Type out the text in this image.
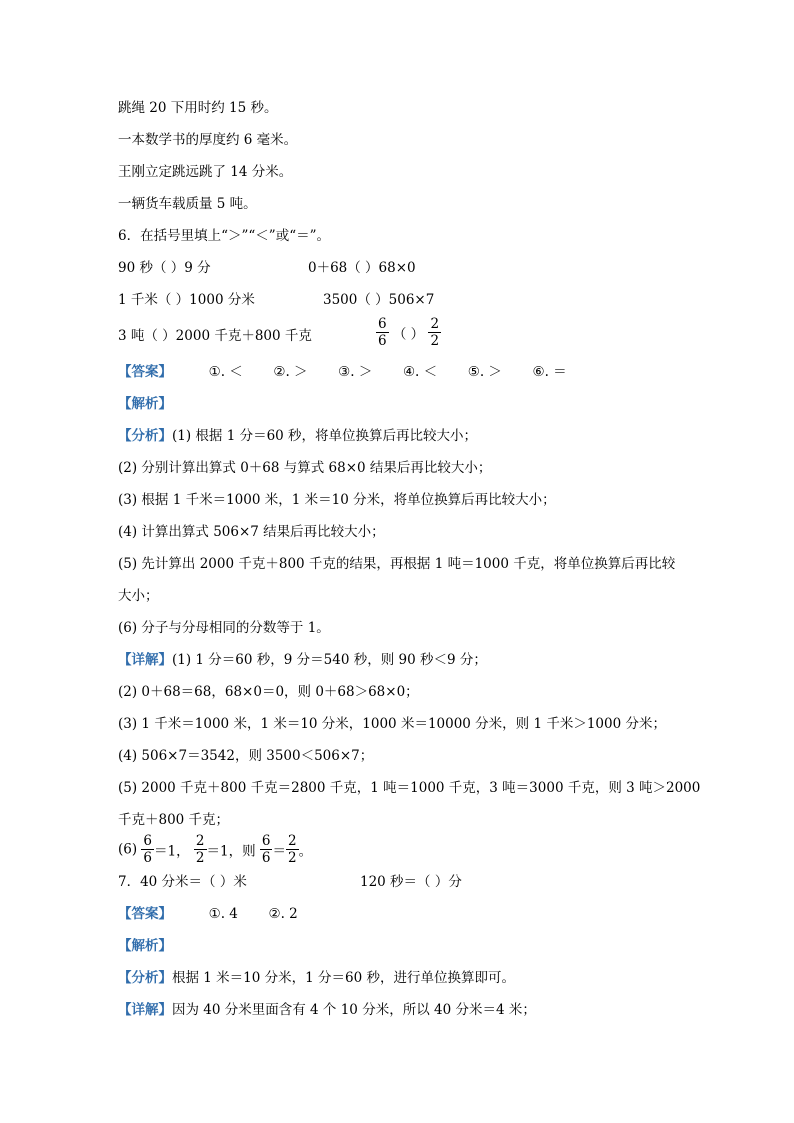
跳绳 20 下用时约 15 秒。
一本数学书的厚度约 6 毫米。
王刚立定跳远跳了 14 分米。
一辆货车载质量 5 吨。
6．在括号里填上“＞”“＜”或“＝”。
90 秒（ ）9 分	0＋68（ ）68×0
1 千米（ ）1000 分米	3500（ ）506×7
3 吨（ ）2000 千克＋800 千克	$\frac{6}{6}$ （ ） $\frac{2}{2}$
【答案】	①. ＜ ②. ＞ ③. ＞ ④. ＜ ⑤. ＞ ⑥. ＝
【解析】
【分析】(1) 根据 1 分＝60 秒，将单位换算后再比较大小；
(2) 分别计算出算式 0＋68 与算式 68×0 结果后再比较大小；
(3) 根据 1 千米＝1000 米，1 米＝10 分米，将单位换算后再比较大小；
(4) 计算出算式 506×7 结果后再比较大小；
(5) 先计算出 2000 千克＋800 千克的结果，再根据 1 吨＝1000 千克，将单位换算后再比较
大小；
(6) 分子与分母相同的分数等于 1。
【详解】(1) 1 分＝60 秒，9 分＝540 秒，则 90 秒＜9 分；
(2) 0＋68＝68，68×0＝0，则 0＋68＞68×0；
(3) 1 千米＝1000 米，1 米＝10 分米，1000 米＝10000 分米，则 1 千米＞1000 分米；
(4) 506×7＝3542，则 3500＜506×7；
(5) 2000 千克＋800 千克＝2800 千克，1 吨＝1000 千克，3 吨＝3000 千克，则 3 吨＞2000
千克＋800 千克；
$(6) \frac{6}{6} =1$， $\frac{2}{2} =1$，则 $\frac{6}{6} = \frac{2}{2}$ 。
7．40 分米＝（ ）米	120 秒＝（ ）分
【答案】	①. 4 ②. 2
【解析】
【分析】根据 1 米＝10 分米，1 分＝60 秒，进行单位换算即可。
【详解】因为 40 分米里面含有 4 个 10 分米，所以 40 分米＝4 米；
